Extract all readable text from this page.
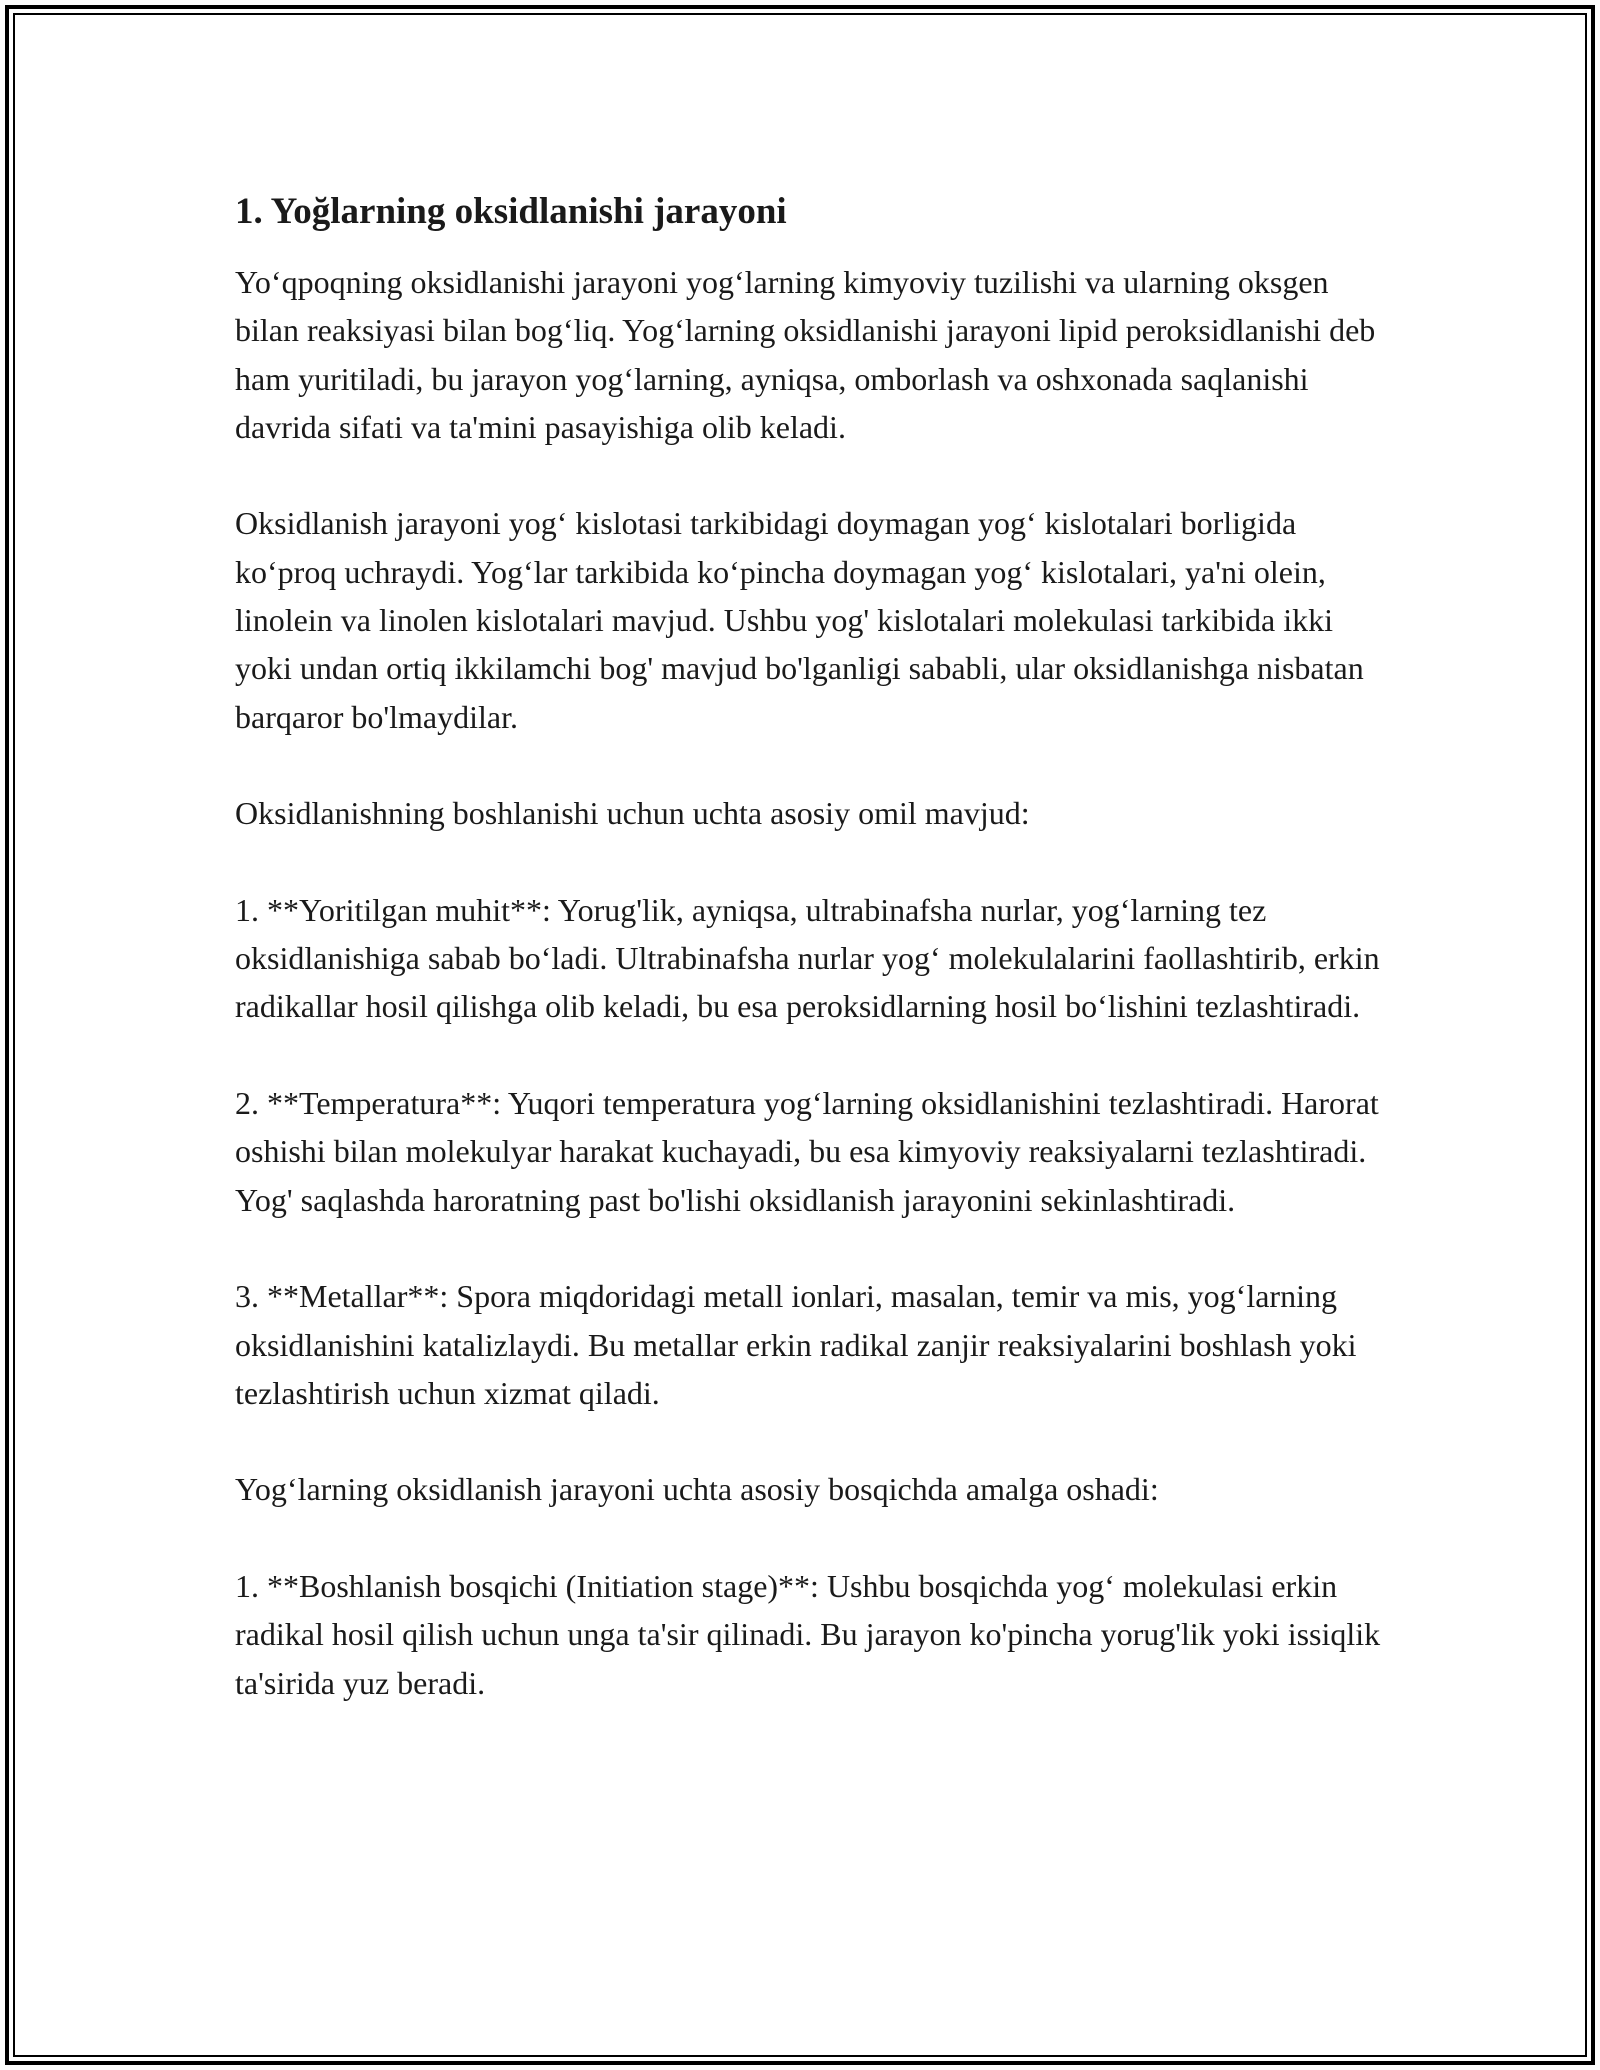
1. Yoğlarning oksidlanishi jarayoni

Yo‘qpoqning oksidlanishi jarayoni yog‘larning kimyoviy tuzilishi va ularning oksgen bilan reaksiyasi bilan bog‘liq. Yog‘larning oksidlanishi jarayoni lipid peroksidlanishi deb ham yuritiladi, bu jarayon yog‘larning, ayniqsa, omborlash va oshxonada saqlanishi davrida sifati va ta'mini pasayishiga olib keladi.

Oksidlanish jarayoni yog‘ kislotasi tarkibidagi doymagan yog‘ kislotalari borligida ko‘proq uchraydi. Yog‘lar tarkibida ko‘pincha doymagan yog‘ kislotalari, ya'ni olein, linolein va linolen kislotalari mavjud. Ushbu yog' kislotalari molekulasi tarkibida ikki yoki undan ortiq ikkilamchi bog' mavjud bo'lganligi sababli, ular oksidlanishga nisbatan barqaror bo'lmaydilar.

Oksidlanishning boshlanishi uchun uchta asosiy omil mavjud:

1. **Yoritilgan muhit**: Yorug'lik, ayniqsa, ultrabinafsha nurlar, yog‘larning tez oksidlanishiga sabab bo‘ladi. Ultrabinafsha nurlar yog‘ molekulalarini faollashtirib, erkin radikallar hosil qilishga olib keladi, bu esa peroksidlarning hosil bo‘lishini tezlashtiradi.

2. **Temperatura**: Yuqori temperatura yog‘larning oksidlanishini tezlashtiradi. Harorat oshishi bilan molekulyar harakat kuchayadi, bu esa kimyoviy reaksiyalarni tezlashtiradi. Yog' saqlashda haroratning past bo'lishi oksidlanish jarayonini sekinlashtiradi.

3. **Metallar**: Spora miqdoridagi metall ionlari, masalan, temir va mis, yog‘larning oksidlanishini katalizlaydi. Bu metallar erkin radikal zanjir reaksiyalarini boshlash yoki tezlashtirish uchun xizmat qiladi.

Yog‘larning oksidlanish jarayoni uchta asosiy bosqichda amalga oshadi:

1. **Boshlanish bosqichi (Initiation stage)**: Ushbu bosqichda yog‘ molekulasi erkin radikal hosil qilish uchun unga ta'sir qilinadi. Bu jarayon ko'pincha yorug'lik yoki issiqlik ta'sirida yuz beradi.
